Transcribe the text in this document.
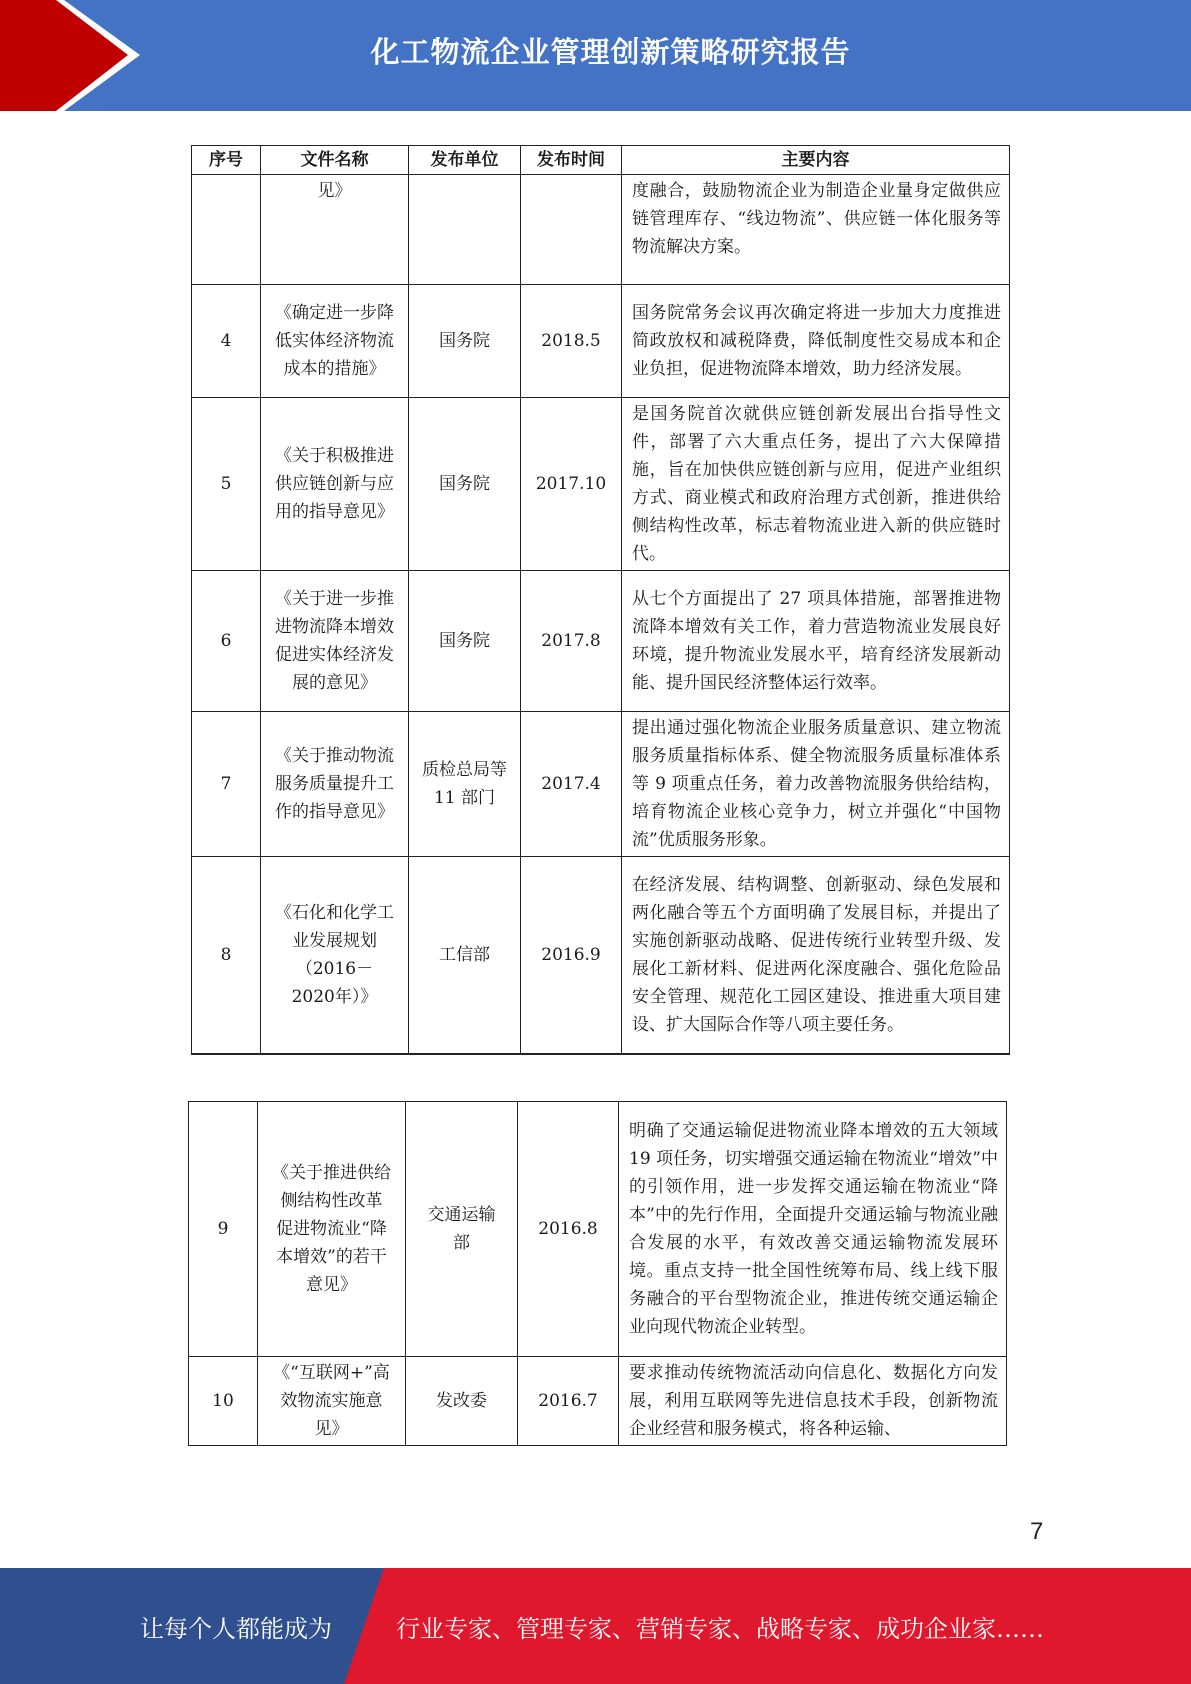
化工物流企业管理创新策略研究报告
序号	文件名称	发布单位	发布时间	主要内容
	见》			度融合，鼓励物流企业为制造企业量身定做供应链管理库存、“线边物流”、供应链一体化服务等物流解决方案。
4	《确定进一步降低实体经济物流成本的措施》	国务院	2018.5	国务院常务会议再次确定将进一步加大力度推进简政放权和减税降费，降低制度性交易成本和企业负担，促进物流降本增效，助力经济发展。
5	《关于积极推进供应链创新与应用的指导意见》	国务院	2017.10	是国务院首次就供应链创新发展出台指导性文件，部署了六大重点任务，提出了六大保障措施，旨在加快供应链创新与应用，促进产业组织方式、商业模式和政府治理方式创新，推进供给侧结构性改革，标志着物流业进入新的供应链时代。
6	《关于进一步推进物流降本增效促进实体经济发展的意见》	国务院	2017.8	从七个方面提出了 27 项具体措施，部署推进物流降本增效有关工作，着力营造物流业发展良好环境，提升物流业发展水平，培育经济发展新动能、提升国民经济整体运行效率。
7	《关于推动物流服务质量提升工作的指导意见》	质检总局等 11 部门	2017.4	提出通过强化物流企业服务质量意识、建立物流服务质量指标体系、健全物流服务质量标准体系等 9 项重点任务，着力改善物流服务供给结构，培育物流企业核心竞争力，树立并强化“中国物流”优质服务形象。
8	《石化和化学工业发展规划（2016－2020年）》	工信部	2016.9	在经济发展、结构调整、创新驱动、绿色发展和两化融合等五个方面明确了发展目标，并提出了实施创新驱动战略、促进传统行业转型升级、发展化工新材料、促进两化深度融合、强化危险品安全管理、规范化工园区建设、推进重大项目建设、扩大国际合作等八项主要任务。
9	《关于推进供给侧结构性改革 促进物流业“降本增效”的若干意见》	交通运输部	2016.8	明确了交通运输促进物流业降本增效的五大领域 19 项任务，切实增强交通运输在物流业“增效”中的引领作用，进一步发挥交通运输在物流业“降本”中的先行作用，全面提升交通运输与物流业融合发展的水平，有效改善交通运输物流发展环境。重点支持一批全国性统筹布局、线上线下服务融合的平台型物流企业，推进传统交通运输企业向现代物流企业转型。
10	《“互联网+”高效物流实施意见》	发改委	2016.7	要求推动传统物流活动向信息化、数据化方向发展，利用互联网等先进信息技术手段，创新物流企业经营和服务模式，将各种运输、
7
让每个人都能成为	行业专家、管理专家、营销专家、战略专家、成功企业家……
